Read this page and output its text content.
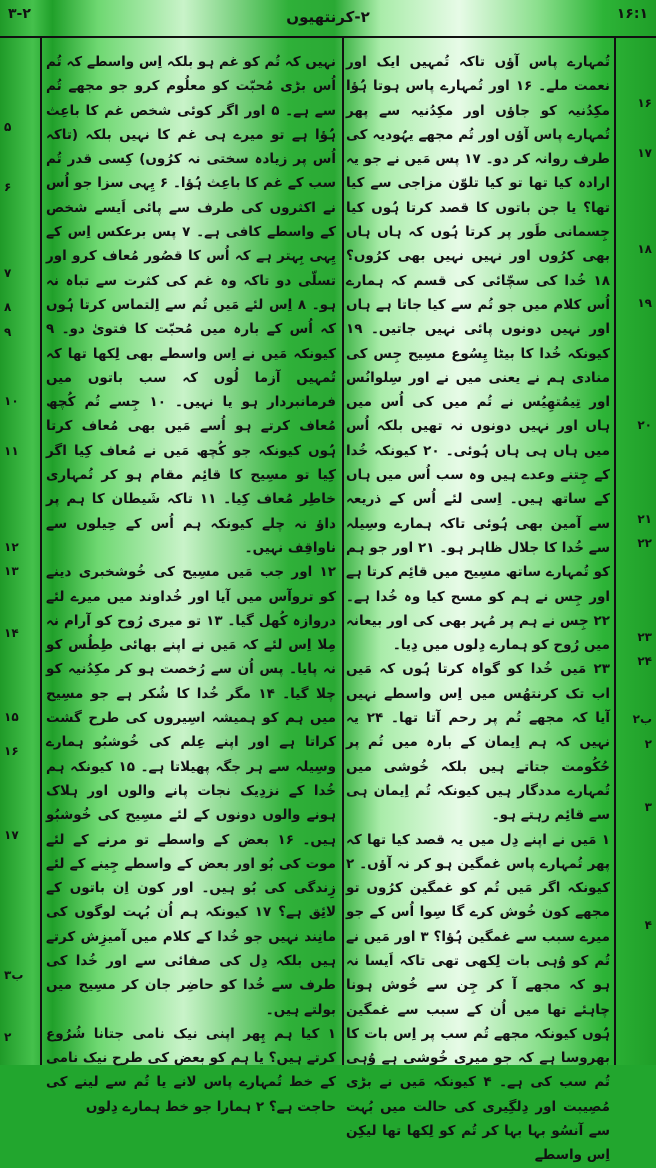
۳-۲	۲-کرنتھیوں	۱۶:۱

تُمہارے پاس آؤں تاکہ تُمہیں ایک اور نعمت ملے۔ ۱۶ اور تُمہارے پاس ہوتا ہُؤا مکِدُنیہ کو جاؤں اور مکِدُنیہ سے پھر تُمہارے پاس آؤں اور تُم مجھے یہُودیہ کی طرف روانہ کر دو۔ ۱۷ پس مَیں نے جو یہ ارادہ کیا تھا تو کیا تلوّن مزاجی سے کیا تھا؟ یا جن باتوں کا قصد کرتا ہُوں کیا جِسمانی طَور پر کرتا ہُوں کہ ہاں ہاں بھی کرُوں اور نہیں نہیں بھی کرُوں؟ ۱۸ خُدا کی سچّائی کی قسم کہ ہمارے اُس کلام میں جو تُم سے کیا جاتا ہے ہاں اور نہیں دونوں پائی نہیں جاتیں۔ ۱۹ کیونکہ خُدا کا بیٹا یِسُوع مسِیح جِس کی منادی ہم نے یعنی میں نے اور سِلوانُس اور تِیمُتھِیُس نے تُم میں کی اُس میں ہاں اور نہیں دونوں نہ تھیں بلکہ اُس میں ہاں ہی ہاں ہُوئی۔ ۲۰ کیونکہ خُدا کے جِتنے وعدے ہیں وہ سب اُس میں ہاں کے ساتھ ہیں۔ اِسی لئے اُس کے ذریعہ سے آمین بھی ہُوئی تاکہ ہمارے وسِیلہ سے خُدا کا جلال ظاہر ہو۔ ۲۱ اور جو ہم کو تُمہارے ساتھ مسِیح میں قائِم کرتا ہے اور جِس نے ہم کو مسح کیا وہ خُدا ہے۔ ۲۲ جِس نے ہم پر مُہر بھی کی اور بیعانہ میں رُوح کو ہمارے دِلوں میں دِیا۔

۲۳ مَیں خُدا کو گواہ کرتا ہُوں کہ مَیں اب تک کرنتھُس میں اِس واسطے نہیں آیا کہ مجھے تُم پر رحم آتا تھا۔ ۲۴ یہ نہیں کہ ہم اِیمان کے بارہ میں تُم پر حُکُومت جتاتے ہیں بلکہ خُوشی میں تُمہارے مددگار ہیں کیونکہ تُم اِیمان ہی سے قائِم رہتے ہو۔

۱ مَیں نے اپنے دِل میں یہ قصد کیا تھا کہ پھر تُمہارے پاس غمگین ہو کر نہ آؤں۔ ۲ کیونکہ اگر مَیں تُم کو غمگین کرُوں تو مجھے کون خُوش کرے گا سِوا اُس کے جو میرے سبب سے غمگین ہُؤا؟ ۳ اور مَیں نے تُم کو وُہی بات لِکھی تھی تاکہ اَیسا نہ ہو کہ مجھے آ کر جِن سے خُوش ہونا چاہئے تھا میں اُن کے سبب سے غمگین ہُوں کیونکہ مجھے تُم سب پر اِس بات کا بھروسا ہے کہ جو میری خُوشی ہے وُہی تُم سب کی ہے۔ ۴ کیونکہ مَیں نے بڑی مُصِیبت اور دِلگِیری کی حالت میں بُہت سے آنسُو بہا بہا کر تُم کو لِکھا تھا لیکِن اِس واسطے

نہیں کہ تُم کو غم ہو بلکہ اِس واسطے کہ تُم اُس بڑی مُحبّت کو معلُوم کرو جو مجھے تُم سے ہے۔ ۵ اور اگر کوئی شخص غم کا باعِث ہُؤا ہے تو میرے ہی غم کا نہیں بلکہ (تاکہ اُس پر زیادہ سختی نہ کرُوں) کِسی قدر تُم سب کے غم کا باعِث ہُؤا۔ ۶ یِہی سزا جو اُس نے اکثروں کی طرف سے پائی اَیسے شخص کے واسطے کافی ہے۔ ۷ پس برعکس اِس کے یِہی بِہتر ہے کہ اُس کا قصُور مُعاف کرو اور تسلّی دو تاکہ وہ غم کی کثرت سے تباہ نہ ہو۔ ۸ اِس لئے مَیں تُم سے اِلتماس کرتا ہُوں کہ اُس کے بارہ میں مُحبّت کا فتویٰ دو۔ ۹ کیونکہ مَیں نے اِس واسطے بھی لِکھا تھا کہ تُمہیں آزما لُوں کہ سب باتوں میں فرمانبردار ہو یا نہیں۔ ۱۰ جِسے تُم کُچھ مُعاف کرتے ہو اُسے مَیں بھی مُعاف کرتا ہُوں کیونکہ جو کُچھ مَیں نے مُعاف کِیا اگر کِیا تو مسِیح کا قائِم مقام ہو کر تُمہاری خاطِر مُعاف کِیا۔ ۱۱ تاکہ شَیطان کا ہم پر داؤ نہ چلے کیونکہ ہم اُس کے حِیلوں سے ناواقِف نہیں۔

۱۲ اور جب مَیں مسِیح کی خُوشخبری دینے کو تروآس میں آیا اور خُداوند میں میرے لئے دروازہ کُھل گیا۔ ۱۳ تو میری رُوح کو آرام نہ مِلا اِس لئے کہ مَیں نے اپنے بھائی طِطُس کو نہ پایا۔ پس اُن سے رُخصت ہو کر مکِدُنیہ کو چلا گیا۔ ۱۴ مگر خُدا کا شُکر ہے جو مسِیح میں ہم کو ہمیشہ اسِیروں کی طرح گشت کراتا ہے اور اپنے عِلم کی خُوشبُو ہمارے وسِیلہ سے ہر جگہ پھیلاتا ہے۔ ۱۵ کیونکہ ہم خُدا کے نزدِیک نجات پانے والوں اور ہلاک ہونے والوں دونوں کے لئے مسِیح کی خُوشبُو ہیں۔ ۱۶ بعض کے واسطے تو مرنے کے لئے موت کی بُو اور بعض کے واسطے جِینے کے لئے زِندگی کی بُو ہیں۔ اور کون اِن باتوں کے لائِق ہے؟ ۱۷ کیونکہ ہم اُن بُہت لوگوں کی مانِند نہیں جو خُدا کے کلام میں آمیزِش کرتے ہیں بلکہ دِل کی صفائی سے اور خُدا کی طرف سے خُدا کو حاضِر جان کر مسِیح میں بولتے ہیں۔

۱ کیا ہم پِھر اپنی نیک نامی جتانا شُرُوع کرتے ہیں؟ یا ہم کو بعض کی طرح نیک نامی کے خط تُمہارے پاس لانے یا تُم سے لینے کی حاجت ہے؟ ۲ ہمارا جو خط ہمارے دِلوں

۱۶
۱۷
۱۸
۱۹
۲۰
۲۱
۲۲
۲۳
۲۴
ب۲
۲
۳
۴
۵
۶
۷
۸
۹
۱۰
۱۱
۱۲
۱۳
۱۴
۱۵
۱۶
۱۷
ب۳
۲
